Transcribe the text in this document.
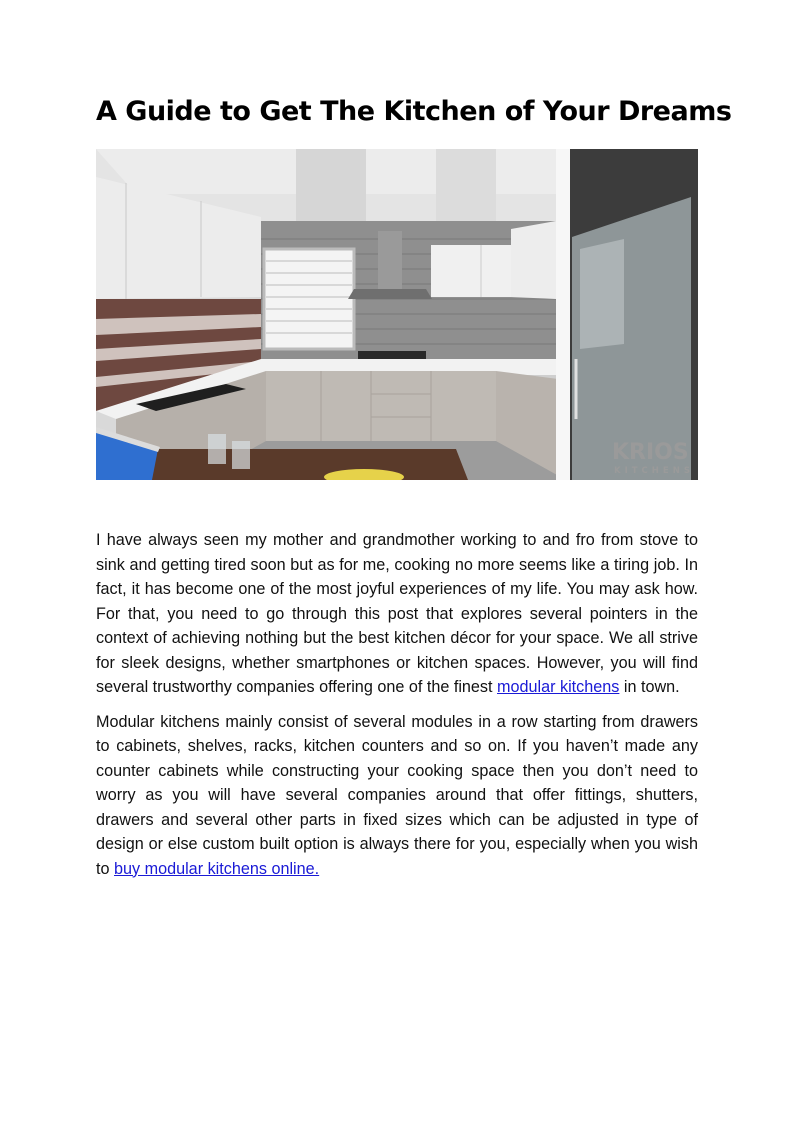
A Guide to Get The Kitchen of Your Dreams
KRIOS
KITCHENS

I have always seen my mother and grandmother working to and fro from stove to sink and getting tired soon but as for me, cooking no more seems like a tiring job. In fact, it has become one of the most joyful experiences of my life. You may ask how. For that, you need to go through this post that explores several pointers in the context of achieving nothing but the best kitchen décor for your space. We all strive for sleek designs, whether smartphones or kitchen spaces. However, you will find several trustworthy companies offering one of the finest modular kitchens in town.

Modular kitchens mainly consist of several modules in a row starting from drawers to cabinets, shelves, racks, kitchen counters and so on. If you haven’t made any counter cabinets while constructing your cooking space then you don’t need to worry as you will have several companies around that offer fittings, shutters, drawers and several other parts in fixed sizes which can be adjusted in type of design or else custom built option is always there for you, especially when you wish to buy modular kitchens online.
